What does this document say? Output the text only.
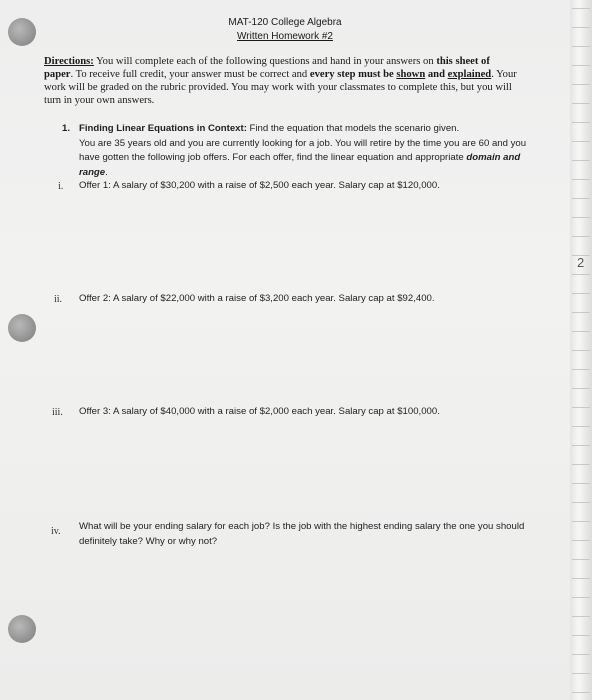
MAT-120 College Algebra
Written Homework #2
Directions: You will complete each of the following questions and hand in your answers on this sheet of paper. To receive full credit, your answer must be correct and every step must be shown and explained. Your work will be graded on the rubric provided. You may work with your classmates to complete this, but you will turn in your own answers.
1. Finding Linear Equations in Context: Find the equation that models the scenario given.
You are 35 years old and you are currently looking for a job. You will retire by the time you are 60 and you have gotten the following job offers. For each offer, find the linear equation and appropriate domain and range.
i. Offer 1: A salary of $30,200 with a raise of $2,500 each year. Salary cap at $120,000.
ii. Offer 2: A salary of $22,000 with a raise of $3,200 each year. Salary cap at $92,400.
iii. Offer 3: A salary of $40,000 with a raise of $2,000 each year. Salary cap at $100,000.
iv. What will be your ending salary for each job? Is the job with the highest ending salary the one you should definitely take? Why or why not?
2
